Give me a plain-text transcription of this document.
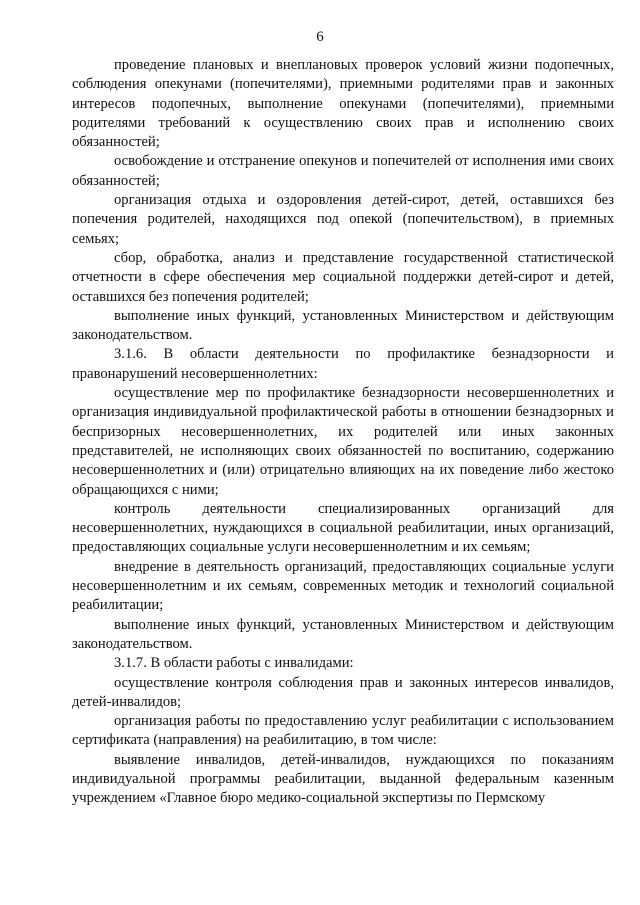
6

проведение плановых и внеплановых проверок условий жизни подопечных, соблюдения опекунами (попечителями), приемными родителями прав и законных интересов подопечных, выполнение опекунами (попечителями), приемными родителями требований к осуществлению своих прав и исполнению своих обязанностей;

освобождение и отстранение опекунов и попечителей от исполнения ими своих обязанностей;

организация отдыха и оздоровления детей-сирот, детей, оставшихся без попечения родителей, находящихся под опекой (попечительством), в приемных семьях;

сбор, обработка, анализ и представление государственной статистической отчетности в сфере обеспечения мер социальной поддержки детей-сирот и детей, оставшихся без попечения родителей;

выполнение иных функций, установленных Министерством и действующим законодательством.

3.1.6. В области деятельности по профилактике безнадзорности и правонарушений несовершеннолетних:

осуществление мер по профилактике безнадзорности несовершеннолетних и организация индивидуальной профилактической работы в отношении безнадзорных и беспризорных несовершеннолетних, их родителей или иных законных представителей, не исполняющих своих обязанностей по воспитанию, содержанию несовершеннолетних и (или) отрицательно влияющих на их поведение либо жестоко обращающихся с ними;

контроль деятельности специализированных организаций для несовершеннолетних, нуждающихся в социальной реабилитации, иных организаций, предоставляющих социальные услуги несовершеннолетним и их семьям;

внедрение в деятельность организаций, предоставляющих социальные услуги несовершеннолетним и их семьям, современных методик и технологий социальной реабилитации;

выполнение иных функций, установленных Министерством и действующим законодательством.

3.1.7. В области работы с инвалидами:

осуществление контроля соблюдения прав и законных интересов инвалидов, детей-инвалидов;

организация работы по предоставлению услуг реабилитации с использованием сертификата (направления) на реабилитацию, в том числе:

выявление инвалидов, детей-инвалидов, нуждающихся по показаниям индивидуальной программы реабилитации, выданной федеральным казенным учреждением «Главное бюро медико-социальной экспертизы по Пермскому
